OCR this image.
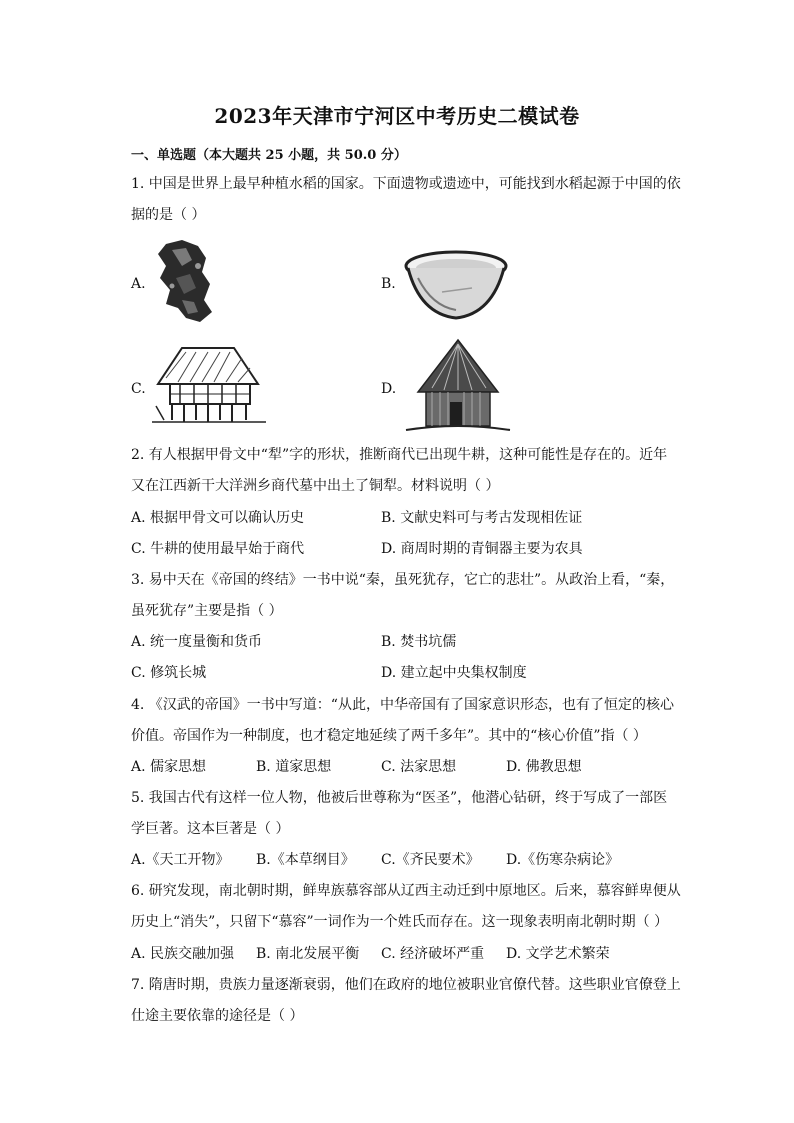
2023年天津市宁河区中考历史二模试卷
一、单选题（本大题共 25 小题，共 50.0 分）
1. 中国是世界上最早种植水稻的国家。下面遗物或遗迹中，可能找到水稻起源于中国的依
据的是（ ）
A.	B.
C.	D.
2. 有人根据甲骨文中“犁”字的形状，推断商代已出现牛耕，这种可能性是存在的。近年
又在江西新干大洋洲乡商代墓中出土了铜犁。材料说明（ ）
A. 根据甲骨文可以确认历史	B. 文献史料可与考古发现相佐证
C. 牛耕的使用最早始于商代	D. 商周时期的青铜器主要为农具
3. 易中天在《帝国的终结》一书中说“秦，虽死犹存，它亡的悲壮”。从政治上看，“秦，
虽死犹存”主要是指（ ）
A. 统一度量衡和货币	B. 焚书坑儒
C. 修筑长城	D. 建立起中央集权制度
4. 《汉武的帝国》一书中写道：“从此，中华帝国有了国家意识形态，也有了恒定的核心
价值。帝国作为一种制度，也才稳定地延续了两千多年”。其中的“核心价值”指（ ）
A. 儒家思想	B. 道家思想	C. 法家思想	D. 佛教思想
5. 我国古代有这样一位人物，他被后世尊称为“医圣”，他潜心钻研，终于写成了一部医
学巨著。这本巨著是（ ）
A.《天工开物》 B.《本草纲目》 C.《齐民要术》 D.《伤寒杂病论》
6. 研究发现，南北朝时期，鲜卑族慕容部从辽西主动迁到中原地区。后来，慕容鲜卑便从
历史上“消失”，只留下“慕容”一词作为一个姓氏而存在。这一现象表明南北朝时期（ ）
A. 民族交融加强 B. 南北发展平衡 C. 经济破坏严重 D. 文学艺术繁荣
7. 隋唐时期，贵族力量逐渐衰弱，他们在政府的地位被职业官僚代替。这些职业官僚登上
仕途主要依靠的途径是（ ）
